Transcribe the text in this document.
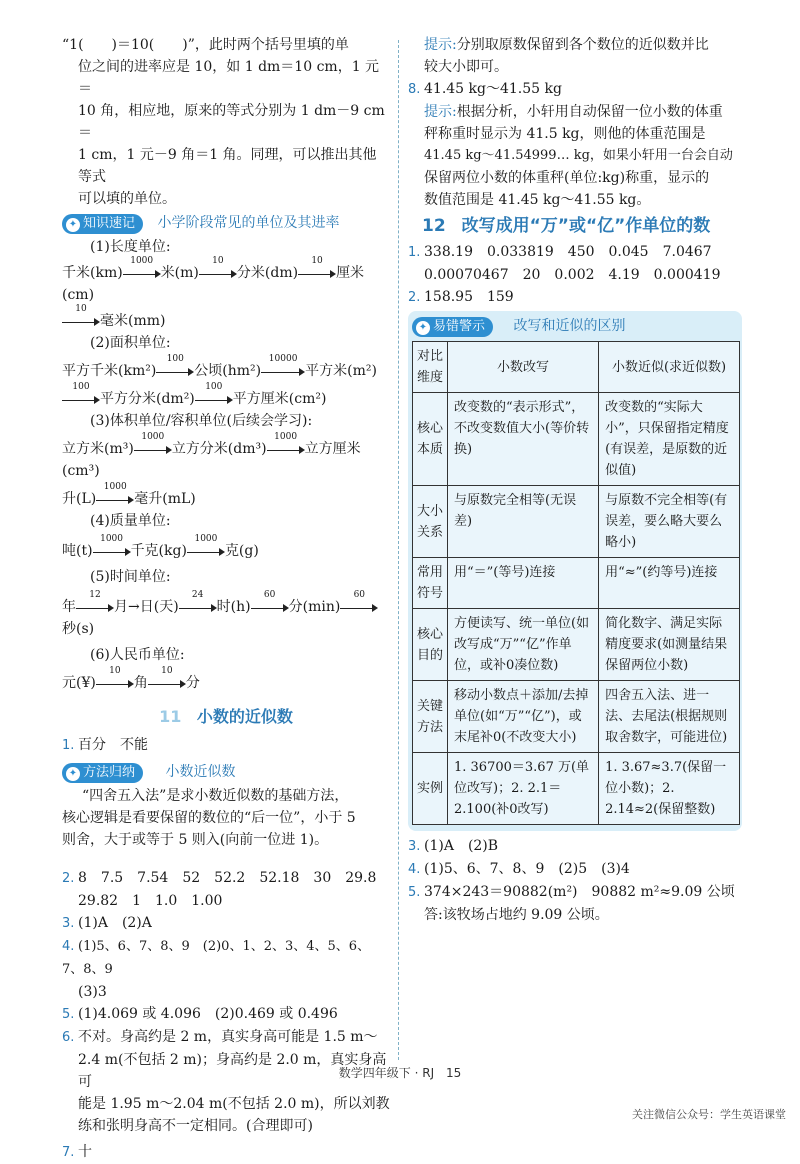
“1(　　)＝10(　　)”，此时两个括号里填的单

位之间的进率应是 10，如 1 dm＝10 cm，1 元＝

10 角，相应地，原来的等式分别为 1 dm－9 cm＝

1 cm，1 元－9 角＝1 角。同理，可以推出其他等式

可以填的单位。

✦ 知识速记 小学阶段常见的单位及其进率

(1)长度单位:

千米(km)
1000
米(m)
10
分米(dm)
10
厘米(cm)

10
毫米(mm)

(2)面积单位:

平方千米(km²)
100
公顷(hm²)
10000
平方米(m²)

100
平方分米(dm²)
100
平方厘米(cm²)

(3)体积单位/容积单位(后续会学习):

立方米(m³)
1000
立方分米(dm³)
1000
立方厘米

(cm³)

升(L)
1000
毫升(mL)

(4)质量单位:

吨(t)
1000
千克(kg)
1000
克(g)

(5)时间单位:

年
12
月→日(天)
24
时(h)
60
分(min)
60

秒(s)

(6)人民币单位:

元(¥)
10
角
10
分

11 小数的近似数

1. 百分　不能

✦ 方法归纳 小数近似数

“四舍五入法”是求小数近似数的基础方法，

核心逻辑是看要保留的数位的“后一位”，小于 5

则舍，大于或等于 5 则入(向前一位进 1)。

2. 8　7.5　7.54　52　52.2　52.18　30　29.8

29.82　1　1.0　1.00

3. (1)A　(2)A

4. (1)5、6、7、8、9　(2)0、1、2、3、4、5、6、7、8、9

(3)3

5. (1)4.069 或 4.096　(2)0.469 或 0.496

6. 不对。身高约是 2 m，真实身高可能是 1.5 m～

2.4 m(不包括 2 m)；身高约是 2.0 m，真实身高可

能是 1.95 m～2.04 m(不包括 2.0 m)，所以刘教

练和张明身高不一定相同。(合理即可)

7. 十

提示:分别取原数保留到各个数位的近似数并比

较大小即可。

8. 41.45 kg～41.55 kg

提示:根据分析，小轩用自动保留一位小数的体重

秤称重时显示为 41.5 kg，则他的体重范围是

41.45 kg～41.54999… kg，如果小轩用一台会自动

保留两位小数的体重秤(单位:kg)称重，显示的

数值范围是 41.45 kg～41.55 kg。

12 改写成用“万”或“亿”作单位的数

1. 338.19　0.033819　450　0.045　7.0467

0.00070467　20　0.002　4.19　0.000419

2. 158.95　159

✦ 易错警示 改写和近似的区别
对比维度	小数改写	小数近似(求近似数)
核心本质	改变数的“表示形式”，不改变数值大小(等价转换)	改变数的“实际大小”，只保留指定精度(有误差，是原数的近似值)
大小关系	与原数完全相等(无误差)	与原数不完全相等(有误差，要么略大要么略小)
常用符号	用“＝”(等号)连接	用“≈”(约等号)连接
核心目的	方便读写、统一单位(如改写成“万”“亿”作单位，或补0凑位数)	简化数字、满足实际精度要求(如测量结果保留两位小数)
关键方法	移动小数点＋添加/去掉单位(如“万”“亿”)，或末尾补0(不改变大小)	四舍五入法、进一法、去尾法(根据规则取舍数字，可能进位)
实例	1. 36700＝3.67 万(单位改写)；2. 2.1＝2.100(补0改写)	1. 3.67≈3.7(保留一位小数)；2. 2.14≈2(保留整数)

3. (1)A　(2)B

4. (1)5、6、7、8、9　(2)5　(3)4

5. 374×243＝90882(m²)　90882 m²≈9.09 公顷

答:该牧场占地约 9.09 公顷。

数学四年级下 · RJ 15
关注微信公众号：学生英语课堂
